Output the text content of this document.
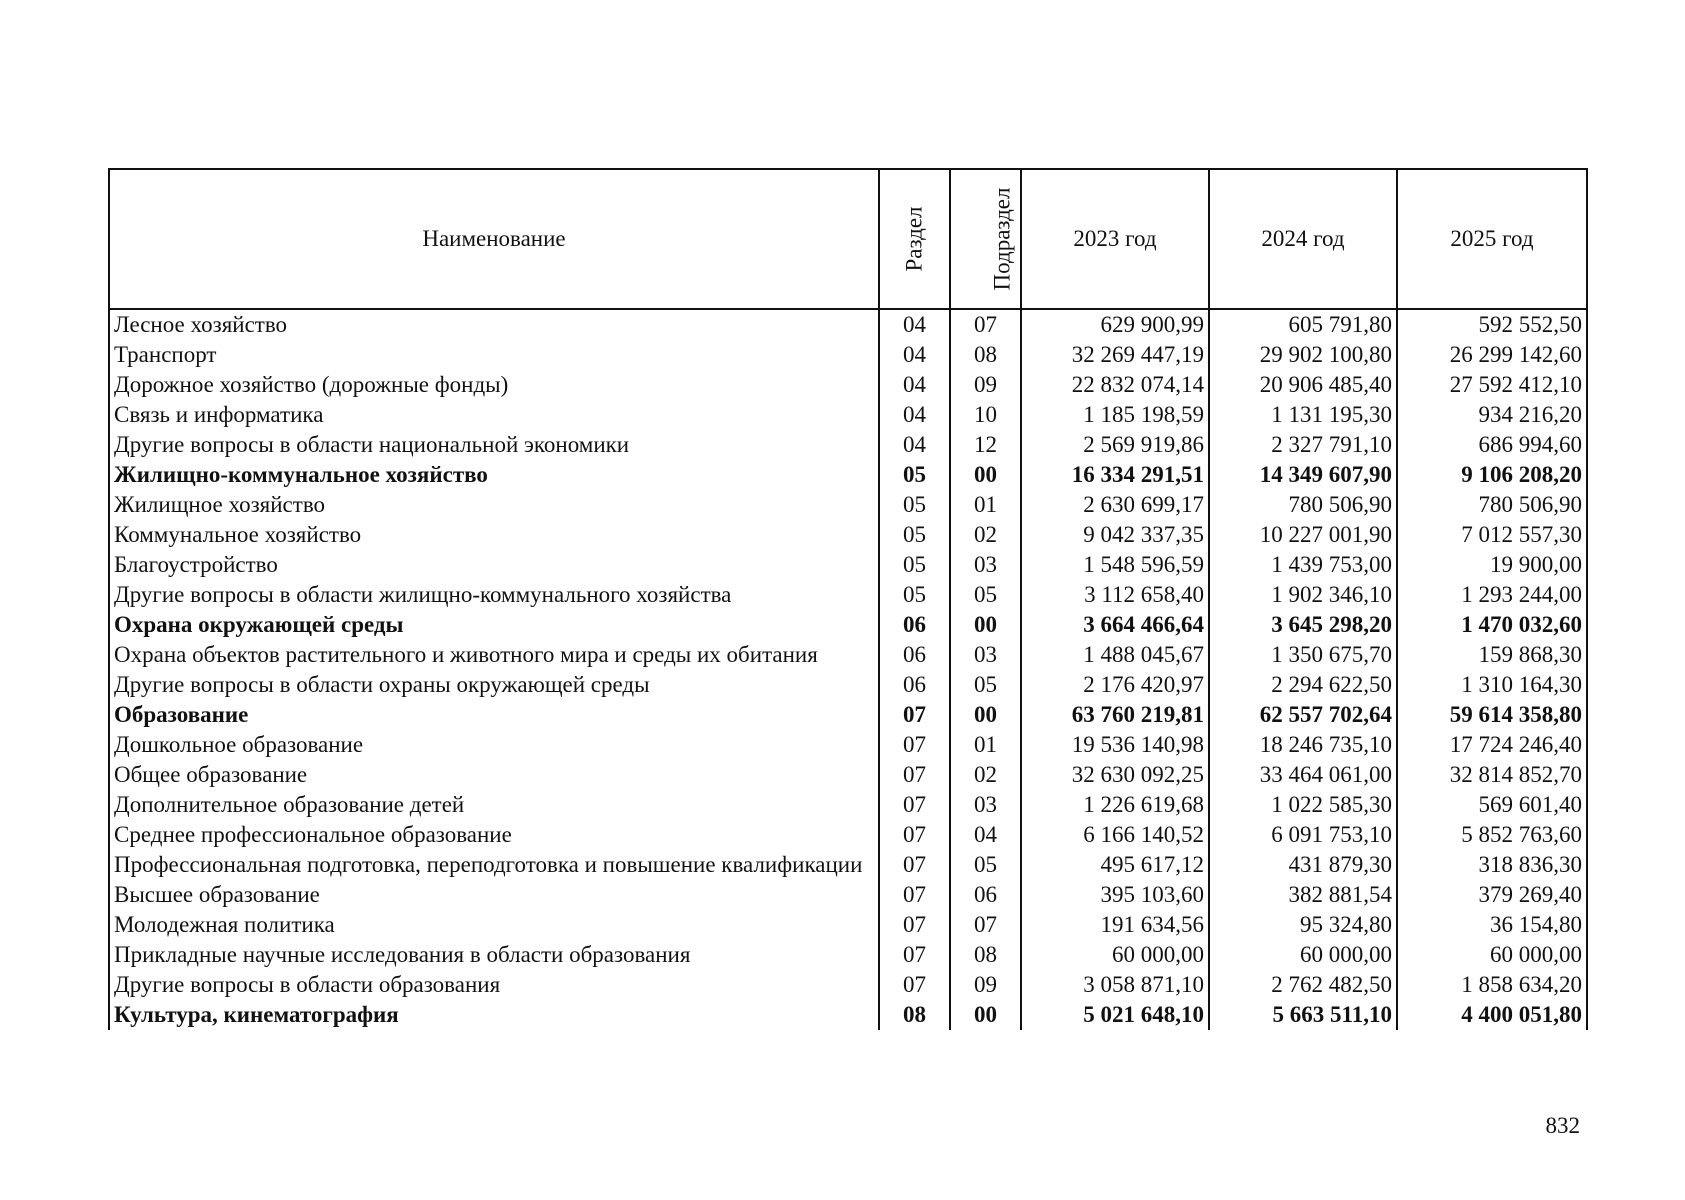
Наименование	Раздел	Подраздел	2023 год	2024 год	2025 год
Лесное хозяйство	04	07	629 900,99	605 791,80	592 552,50
Транспорт	04	08	32 269 447,19	29 902 100,80	26 299 142,60
Дорожное хозяйство (дорожные фонды)	04	09	22 832 074,14	20 906 485,40	27 592 412,10
Связь и информатика	04	10	1 185 198,59	1 131 195,30	934 216,20
Другие вопросы в области национальной экономики	04	12	2 569 919,86	2 327 791,10	686 994,60
Жилищно-коммунальное хозяйство	05	00	16 334 291,51	14 349 607,90	9 106 208,20
Жилищное хозяйство	05	01	2 630 699,17	780 506,90	780 506,90
Коммунальное хозяйство	05	02	9 042 337,35	10 227 001,90	7 012 557,30
Благоустройство	05	03	1 548 596,59	1 439 753,00	19 900,00
Другие вопросы в области жилищно-коммунального хозяйства	05	05	3 112 658,40	1 902 346,10	1 293 244,00
Охрана окружающей среды	06	00	3 664 466,64	3 645 298,20	1 470 032,60
Охрана объектов растительного и животного мира и среды их обитания	06	03	1 488 045,67	1 350 675,70	159 868,30
Другие вопросы в области охраны окружающей среды	06	05	2 176 420,97	2 294 622,50	1 310 164,30
Образование	07	00	63 760 219,81	62 557 702,64	59 614 358,80
Дошкольное образование	07	01	19 536 140,98	18 246 735,10	17 724 246,40
Общее образование	07	02	32 630 092,25	33 464 061,00	32 814 852,70
Дополнительное образование детей	07	03	1 226 619,68	1 022 585,30	569 601,40
Среднее профессиональное образование	07	04	6 166 140,52	6 091 753,10	5 852 763,60
Профессиональная подготовка, переподготовка и повышение квалификации	07	05	495 617,12	431 879,30	318 836,30
Высшее образование	07	06	395 103,60	382 881,54	379 269,40
Молодежная политика	07	07	191 634,56	95 324,80	36 154,80
Прикладные научные исследования в области образования	07	08	60 000,00	60 000,00	60 000,00
Другие вопросы в области образования	07	09	3 058 871,10	2 762 482,50	1 858 634,20
Культура, кинематография	08	00	5 021 648,10	5 663 511,10	4 400 051,80
832
